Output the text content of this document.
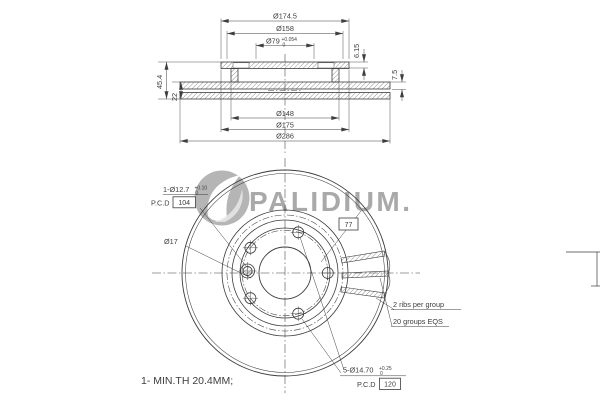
PALIDIUM.
Ø174.5
Ø158
Ø79 +0.054
0	6.15
7.5
45.4
22
Ø148
Ø175
Ø286
77
1-Ø12.7 +0.10
0
P.C.D 104
Ø17
2 ribs per group
20 groups EQS
5-Ø14.70 +0.25
0
P.C.D 120
1- MIN.TH 20.4MM;
